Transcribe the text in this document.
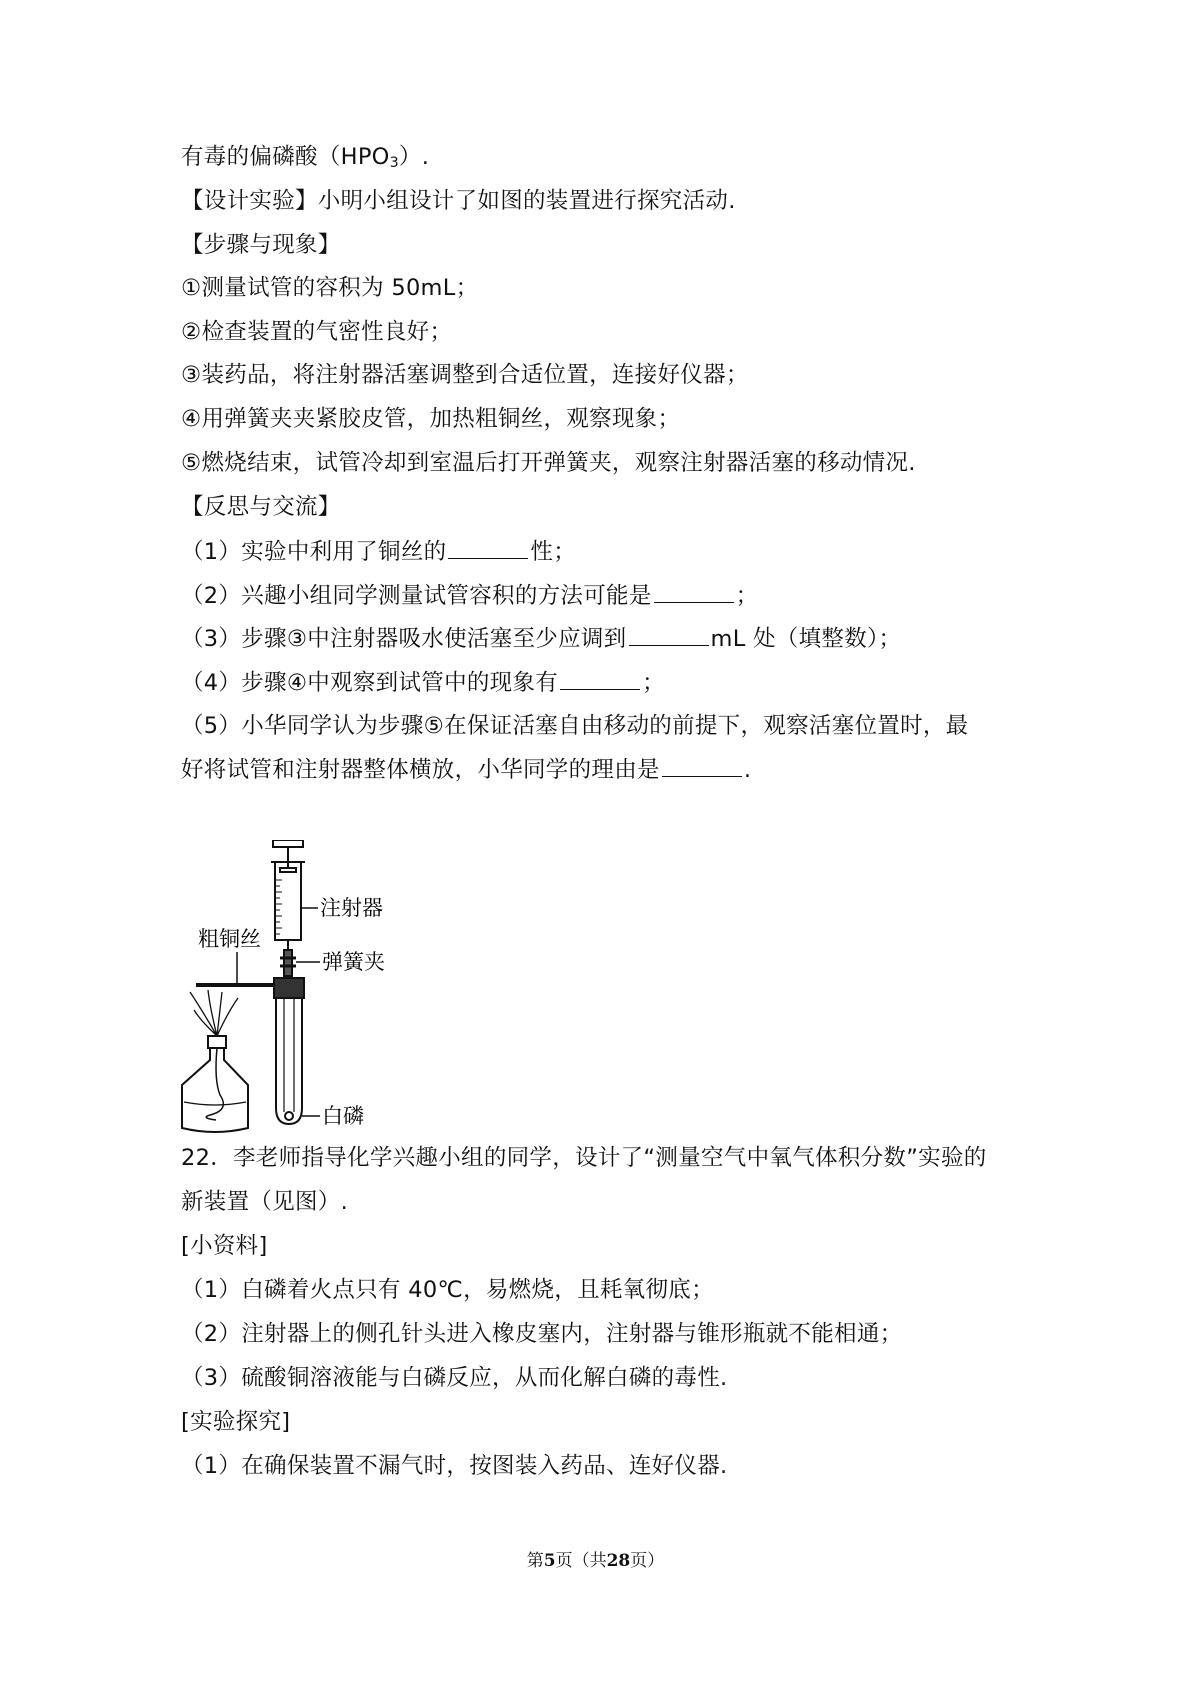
有毒的偏磷酸$(HPO_3)$.
【设计实验】小明小组设计了如图的装置进行探究活动.
【步骤与现象】
①测量试管的容积为 50mL；
②检查装置的气密性良好；
③装药品，将注射器活塞调整到合适位置，连接好仪器；
④用弹簧夹夹紧胶皮管，加热粗铜丝，观察现象；
⑤燃烧结束，试管冷却到室温后打开弹簧夹，观察注射器活塞的移动情况.
【反思与交流】
（1）实验中利用了铜丝的	性；
（2）兴趣小组同学测量试管容积的方法可能是	；
（3）步骤③中注射器吸水使活塞至少应调到	mL 处（填整数）；
（4）步骤④中观察到试管中的现象有	；
（5）小华同学认为步骤⑤在保证活塞自由移动的前提下，观察活塞位置时，最
好将试管和注射器整体横放，小华同学的理由是	.
注射器
粗铜丝
弹簧夹
白磷
22．李老师指导化学兴趣小组的同学，设计了“测量空气中氧气体积分数”实验的
新装置（见图）.
[小资料]
（1）白磷着火点只有 40℃，易燃烧，且耗氧彻底；
（2）注射器上的侧孔针头进入橡皮塞内，注射器与锥形瓶就不能相通；
（3）硫酸铜溶液能与白磷反应，从而化解白磷的毒性.
[实验探究]
（1）在确保装置不漏气时，按图装入药品、连好仪器.
第5页（共28页）
